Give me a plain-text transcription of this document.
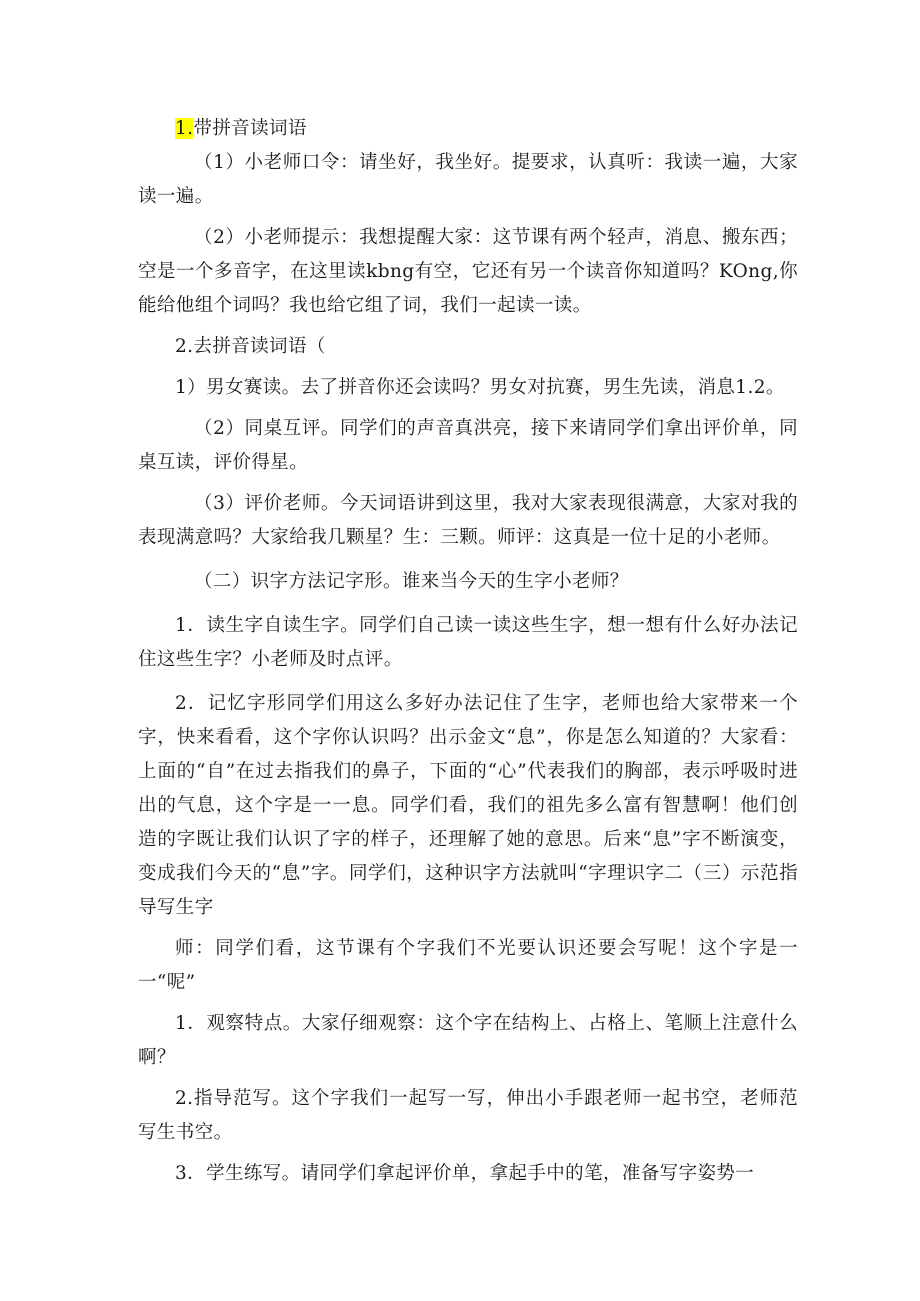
1.带拼音读词语

（1）小老师口令：请坐好，我坐好。提要求，认真听：我读一遍，大家读一遍。

（2）小老师提示：我想提醒大家：这节课有两个轻声，消息、搬东西；空是一个多音字，在这里读kbng有空，它还有另一个读音你知道吗？KOng,你能给他组个词吗？我也给它组了词，我们一起读一读。

2.去拼音读词语（

1）男女赛读。去了拼音你还会读吗？男女对抗赛，男生先读，消息1.2。

（2）同桌互评。同学们的声音真洪亮，接下来请同学们拿出评价单，同桌互读，评价得星。

（3）评价老师。今天词语讲到这里，我对大家表现很满意，大家对我的表现满意吗？大家给我几颗星？生：三颗。师评：这真是一位十足的小老师。

（二）识字方法记字形。谁来当今天的生字小老师？

1．读生字自读生字。同学们自己读一读这些生字，想一想有什么好办法记住这些生字？小老师及时点评。

2．记忆字形同学们用这么多好办法记住了生字，老师也给大家带来一个字，快来看看，这个字你认识吗？出示金文“息”，你是怎么知道的？大家看：上面的“自”在过去指我们的鼻子，下面的“心”代表我们的胸部，表示呼吸时进出的气息，这个字是一一息。同学们看，我们的祖先多么富有智慧啊！他们创造的字既让我们认识了字的样子，还理解了她的意思。后来“息”字不断演变，变成我们今天的“息”字。同学们，这种识字方法就叫“字理识字二（三）示范指导写生字

师：同学们看，这节课有个字我们不光要认识还要会写呢！这个字是一一“呢”

1．观察特点。大家仔细观察：这个字在结构上、占格上、笔顺上注意什么啊？

2.指导范写。这个字我们一起写一写，伸出小手跟老师一起书空，老师范写生书空。

3．学生练写。请同学们拿起评价单，拿起手中的笔，准备写字姿势一
